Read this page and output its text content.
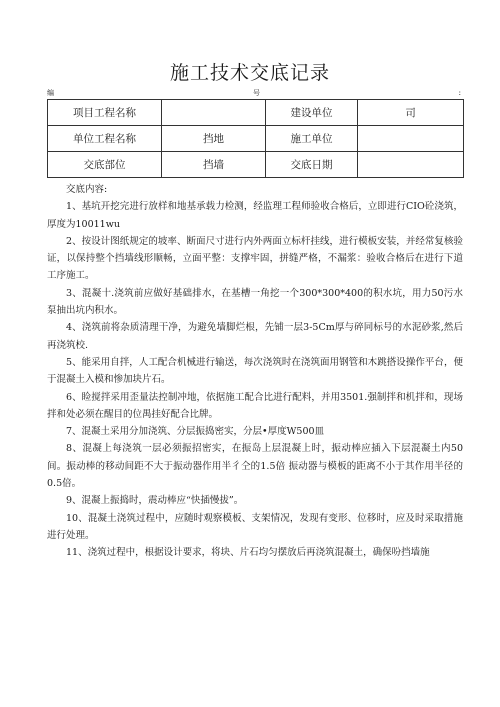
施工技术交底记录
编	号	:
项目工程名称		建设单位	司
单位工程名称	挡地	施工单位	
交底部位	挡墙	交底日期	

交底内容:

1、基坑开挖完进行放样和地基承载力检测，经监理工程师验收合格后，立即进行CIO砼浇筑，厚度为10011wu

2、按设计图纸规定的坡率、断面尺寸进行内外两面立标杆挂线，进行模板安装，并经常复核验证，以保持整个挡墙线形顺畅，立面平整：支撑牢固，拼缝严格，不漏浆：验收合格后在进行下道工序施工。

3、混凝十.浇筑前应做好基础排水，在基槽一角挖一个300*300*400的积水坑，用力50污水泵抽出坑内积水。

4、浇筑前将杂质清理干净，为避免墙脚烂根，先铺一层3-5Cm厚与碎同标号的水泥砂浆,然后再浇筑校.

5、能采用自拌，人工配合机械进行输送，每次浇筑时在浇筑面用钢管和木跳搭设操作平台，便于混凝土入模和惨加块片石。

6、睑搅拌采用歪量法控制冲地，依据施工配合比进行配料，并用3501.强制拌和机拌和，现场拌和处必须在醒目的位禺挂好配合比牌。

7、混凝土采用分加浇筑、分层振捣密实，分层•厚度W500皿

8、混凝上每浇筑一层必须振招密实，在振岛上层混凝上时，振动棒应插入下层混凝土内50间。振动棒的移动间距不大于振动器作用半彳仝的1.5倍 振动器与模板的距离不小于其作用半径的0.5倍。

9、混凝上振捣时，震动棒应“快插慢拔”。

10、混凝土浇筑过程中，应随时观察模板、支架情况，发现有变形、位移时，应及时采取措施进行处理。

11、浇筑过程中，根据设计要求，将块、片石均匀摆放后再浇筑混凝土，确保吩挡墙施
